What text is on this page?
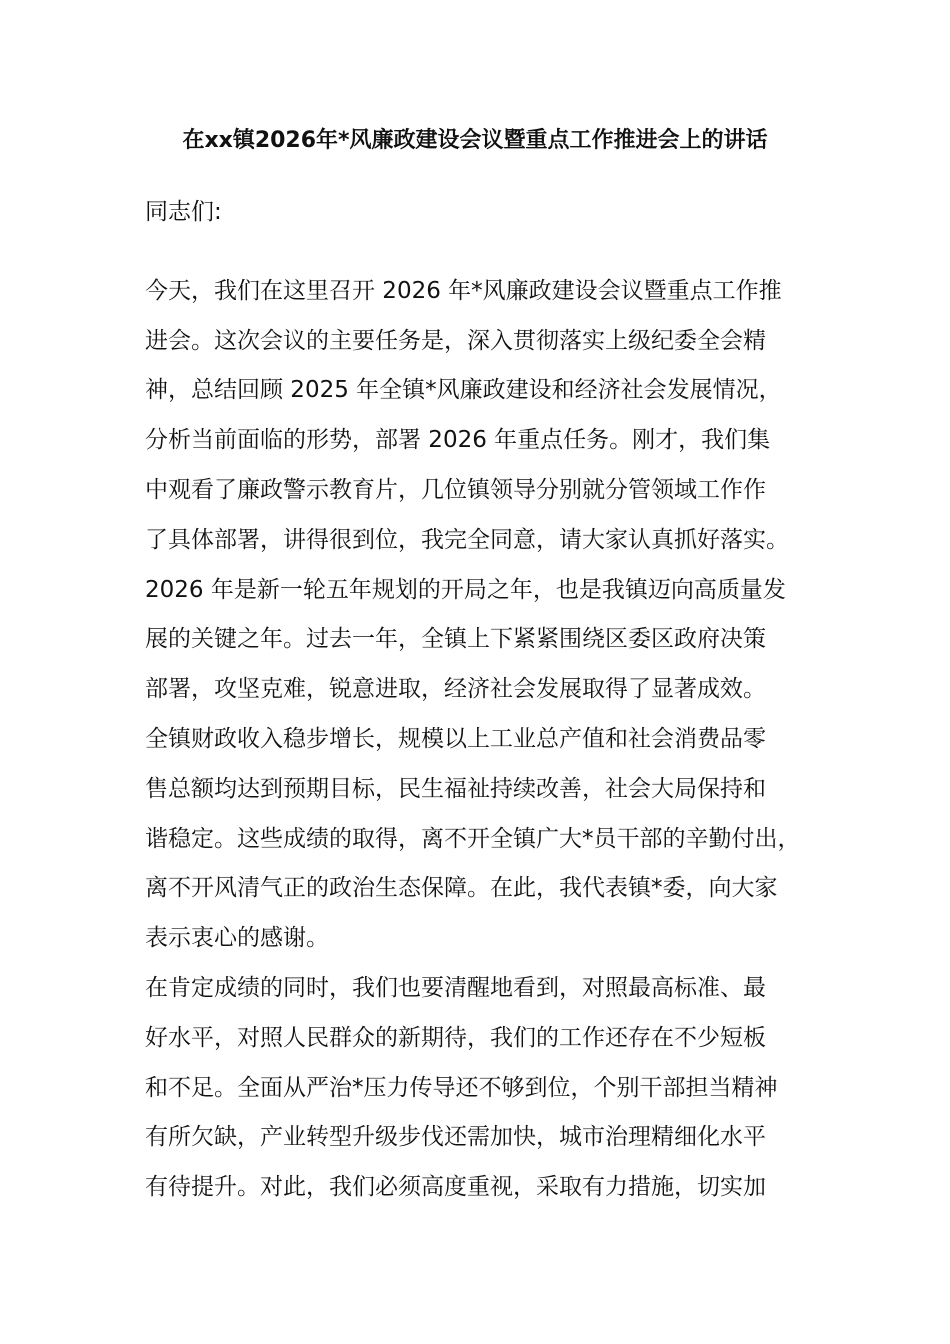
在xx镇2026年*风廉政建设会议暨重点工作推进会上的讲话
同志们:
今天，我们在这里召开 2026 年*风廉政建设会议暨重点工作推
进会。这次会议的主要任务是，深入贯彻落实上级纪委全会精
神，总结回顾 2025 年全镇*风廉政建设和经济社会发展情况，
分析当前面临的形势，部署 2026 年重点任务。刚才，我们集
中观看了廉政警示教育片，几位镇领导分别就分管领域工作作
了具体部署，讲得很到位，我完全同意，请大家认真抓好落实。
2026 年是新一轮五年规划的开局之年，也是我镇迈向高质量发
展的关键之年。过去一年，全镇上下紧紧围绕区委区政府决策
部署，攻坚克难，锐意进取，经济社会发展取得了显著成效。
全镇财政收入稳步增长，规模以上工业总产值和社会消费品零
售总额均达到预期目标，民生福祉持续改善，社会大局保持和
谐稳定。这些成绩的取得，离不开全镇广大*员干部的辛勤付出，
离不开风清气正的政治生态保障。在此，我代表镇*委，向大家
表示衷心的感谢。
在肯定成绩的同时，我们也要清醒地看到，对照最高标准、最
好水平，对照人民群众的新期待，我们的工作还存在不少短板
和不足。全面从严治*压力传导还不够到位，个别干部担当精神
有所欠缺，产业转型升级步伐还需加快，城市治理精细化水平
有待提升。对此，我们必须高度重视，采取有力措施，切实加
